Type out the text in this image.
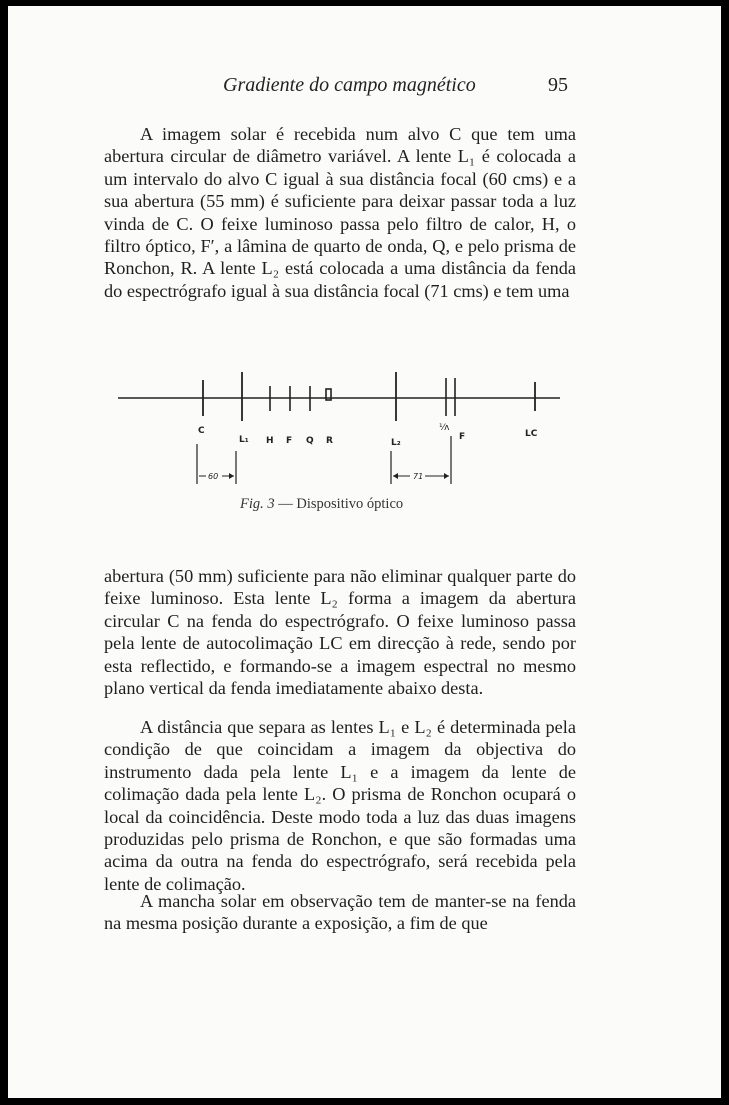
Gradiente do campo magnético	95

A imagem solar é recebida num alvo C que tem uma abertura circular de diâmetro variável. A lente L₁ é colocada a um intervalo do alvo C igual à sua distância focal (60 cms) e a sua abertura (55 mm) é suficiente para deixar passar toda a luz vinda de C. O feixe luminoso passa pelo filtro de calor, H, o filtro óptico, F′, a lâmina de quarto de onda, Q, e pelo prisma de Ronchon, R. A lente L₂ está colocada a uma distância da fenda do espectrógrafo igual à sua distância focal (71 cms) e tem uma

C
L₁ H F Q R	L₂
F	LC
⅟ʌ
60	71
Fig. 3 — Dispositivo óptico

abertura (50 mm) suficiente para não eliminar qualquer parte do feixe luminoso. Esta lente L₂ forma a imagem da abertura circular C na fenda do espectrógrafo. O feixe luminoso passa pela lente de autocolimação LC em direcção à rede, sendo por esta reflectido, e formando-se a imagem espectral no mesmo plano vertical da fenda imediatamente abaixo desta.

A distância que separa as lentes L₁ e L₂ é determinada pela condição de que coincidam a imagem da objectiva do instrumento dada pela lente L₁ e a imagem da lente de colimação dada pela lente L₂. O prisma de Ronchon ocupará o local da coincidência. Deste modo toda a luz das duas imagens produzidas pelo prisma de Ronchon, e que são formadas uma acima da outra na fenda do espectrógrafo, será recebida pela lente de colimação.

A mancha solar em observação tem de manter-se na fenda na mesma posição durante a exposição, a fim de que
